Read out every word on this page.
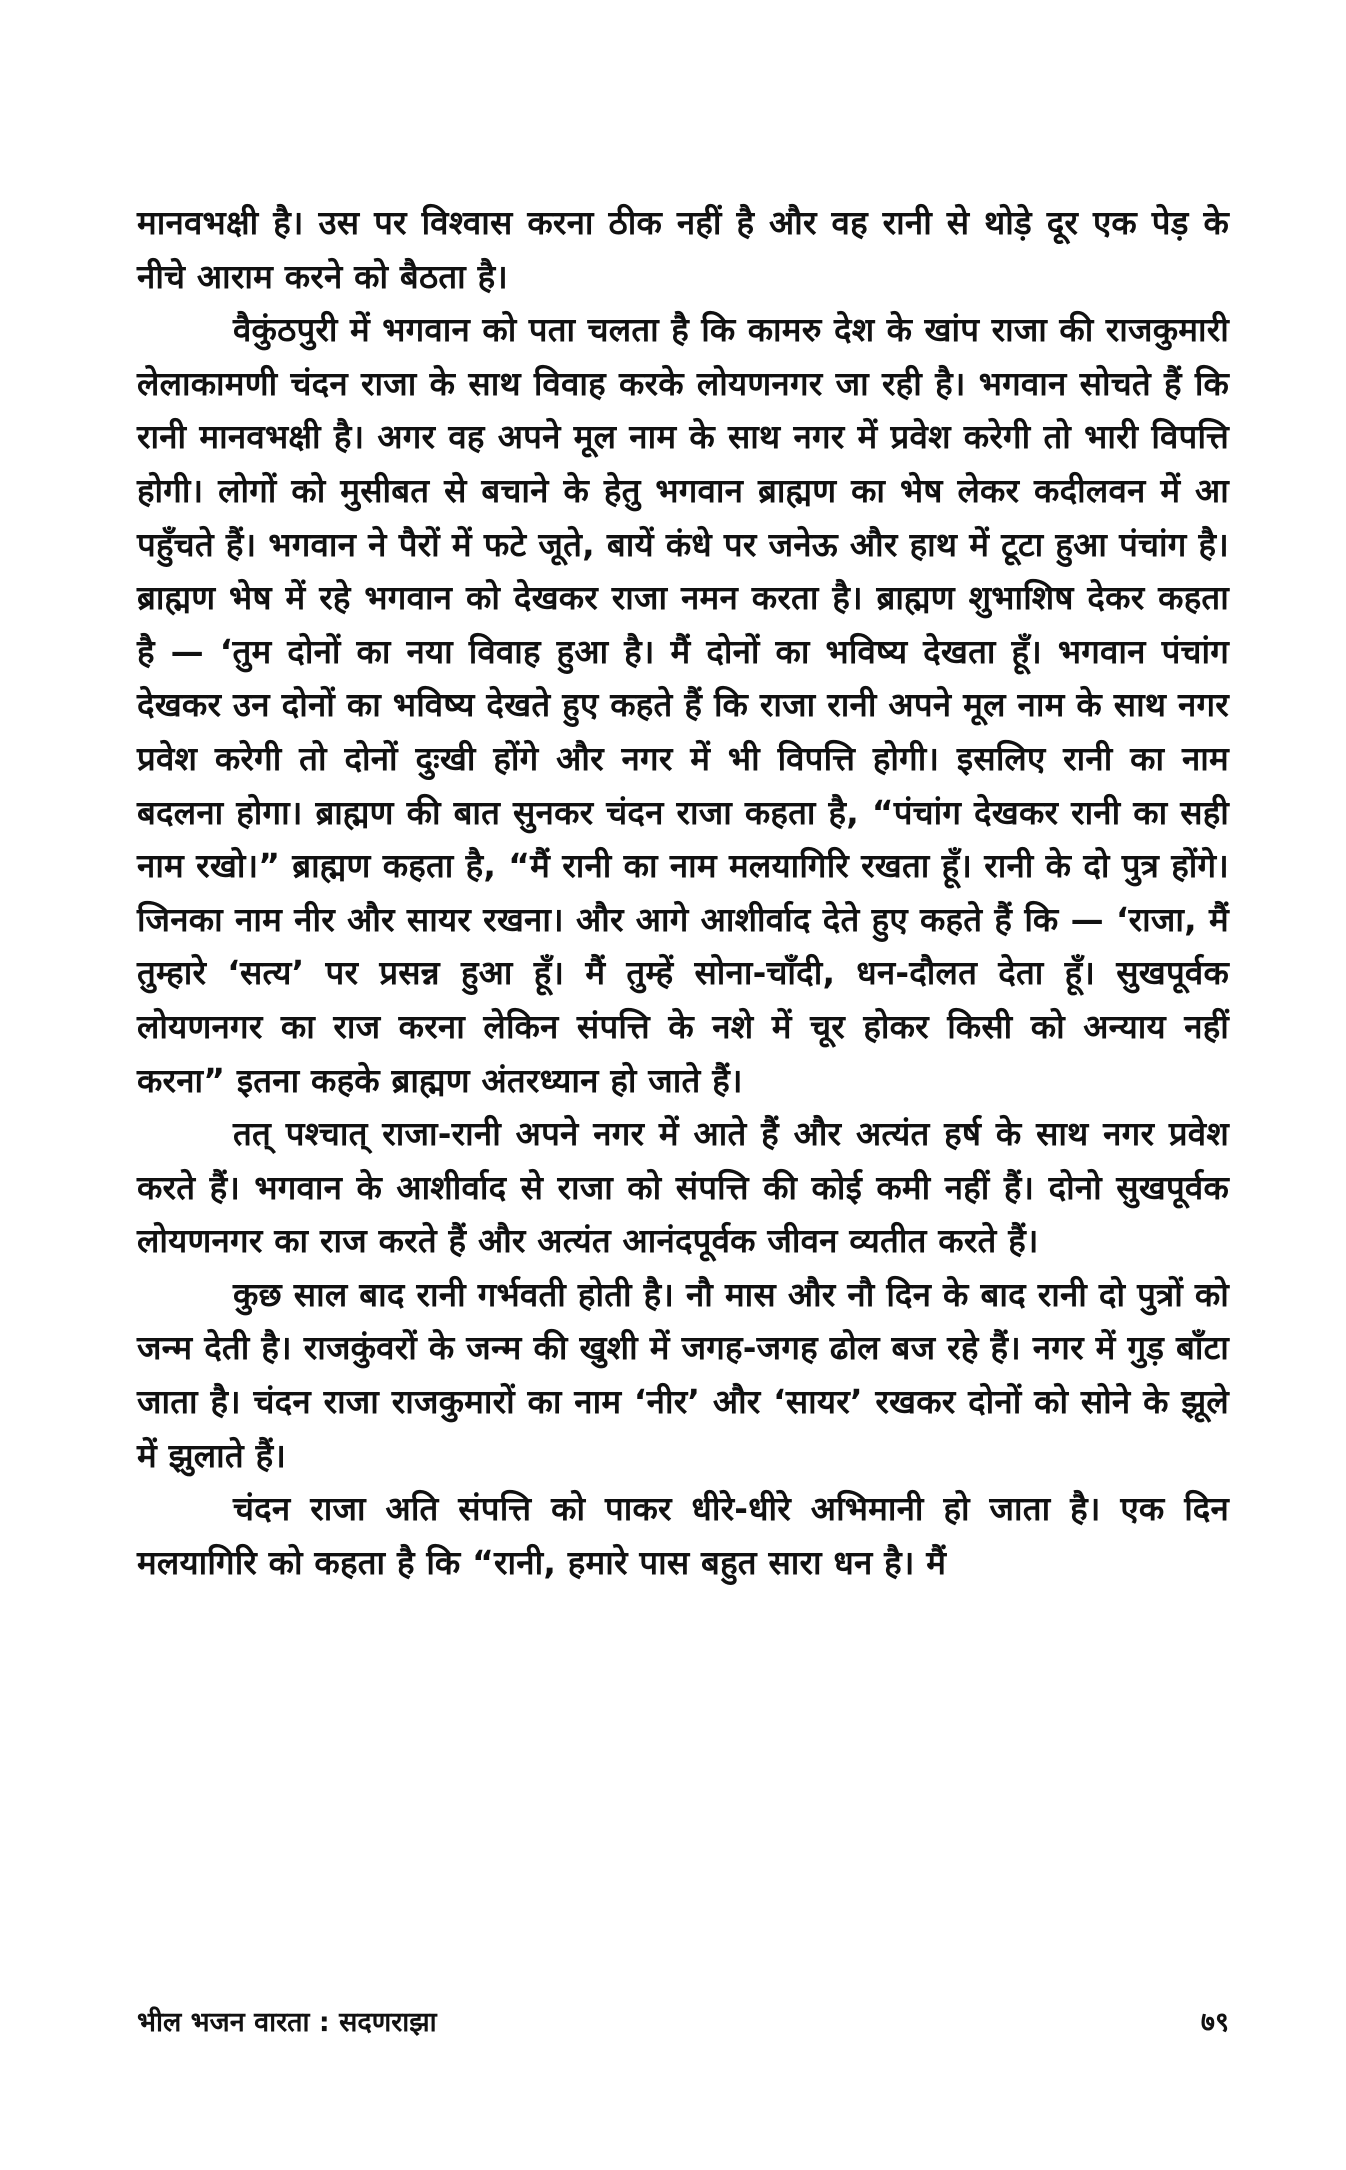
मानवभक्षी है। उस पर विश्वास करना ठीक नहीं है और वह रानी से थोड़े दूर एक पेड़ के नीचे आराम करने को बैठता है।

वैकुंठपुरी में भगवान को पता चलता है कि कामरु देश के खांप राजा की राजकुमारी लेलाकामणी चंदन राजा के साथ विवाह करके लोयणनगर जा रही है। भगवान सोचते हैं कि रानी मानवभक्षी है। अगर वह अपने मूल नाम के साथ नगर में प्रवेश करेगी तो भारी विपत्ति होगी। लोगों को मुसीबत से बचाने के हेतु भगवान ब्राह्मण का भेष लेकर कदीलवन में आ पहुँचते हैं। भगवान ने पैरों में फटे जूते, बायें कंधे पर जनेऊ और हाथ में टूटा हुआ पंचांग है। ब्राह्मण भेष में रहे भगवान को देखकर राजा नमन करता है। ब्राह्मण शुभाशिष देकर कहता है — ‘तुम दोनों का नया विवाह हुआ है। मैं दोनों का भविष्य देखता हूँ। भगवान पंचांग देखकर उन दोनों का भविष्य देखते हुए कहते हैं कि राजा रानी अपने मूल नाम के साथ नगर प्रवेश करेगी तो दोनों दुःखी होंगे और नगर में भी विपत्ति होगी। इसलिए रानी का नाम बदलना होगा। ब्राह्मण की बात सुनकर चंदन राजा कहता है, “पंचांग देखकर रानी का सही नाम रखो।” ब्राह्मण कहता है, “मैं रानी का नाम मलयागिरि रखता हूँ। रानी के दो पुत्र होंगे। जिनका नाम नीर और सायर रखना। और आगे आशीर्वाद देते हुए कहते हैं कि — ‘राजा, मैं तुम्हारे ‘सत्य’ पर प्रसन्न हुआ हूँ। मैं तुम्हें सोना-चाँदी, धन-दौलत देता हूँ। सुखपूर्वक लोयणनगर का राज करना लेकिन संपत्ति के नशे में चूर होकर किसी को अन्याय नहीं करना” इतना कहके ब्राह्मण अंतरध्यान हो जाते हैं।

तत् पश्चात् राजा-रानी अपने नगर में आते हैं और अत्यंत हर्ष के साथ नगर प्रवेश करते हैं। भगवान के आशीर्वाद से राजा को संपत्ति की कोई कमी नहीं हैं। दोनो सुखपूर्वक लोयणनगर का राज करते हैं और अत्यंत आनंदपूर्वक जीवन व्यतीत करते हैं।

कुछ साल बाद रानी गर्भवती होती है। नौ मास और नौ दिन के बाद रानी दो पुत्रों को जन्म देती है। राजकुंवरों के जन्म की खुशी में जगह-जगह ढोल बज रहे हैं। नगर में गुड़ बाँटा जाता है। चंदन राजा राजकुमारों का नाम ‘नीर’ और ‘सायर’ रखकर दोनों को सोने के झूले में झुलाते हैं।

चंदन राजा अति संपत्ति को पाकर धीरे-धीरे अभिमानी हो जाता है। एक दिन मलयागिरि को कहता है कि “रानी, हमारे पास बहुत सारा धन है। मैं

भील भजन वारता : सदणराझा	७९
